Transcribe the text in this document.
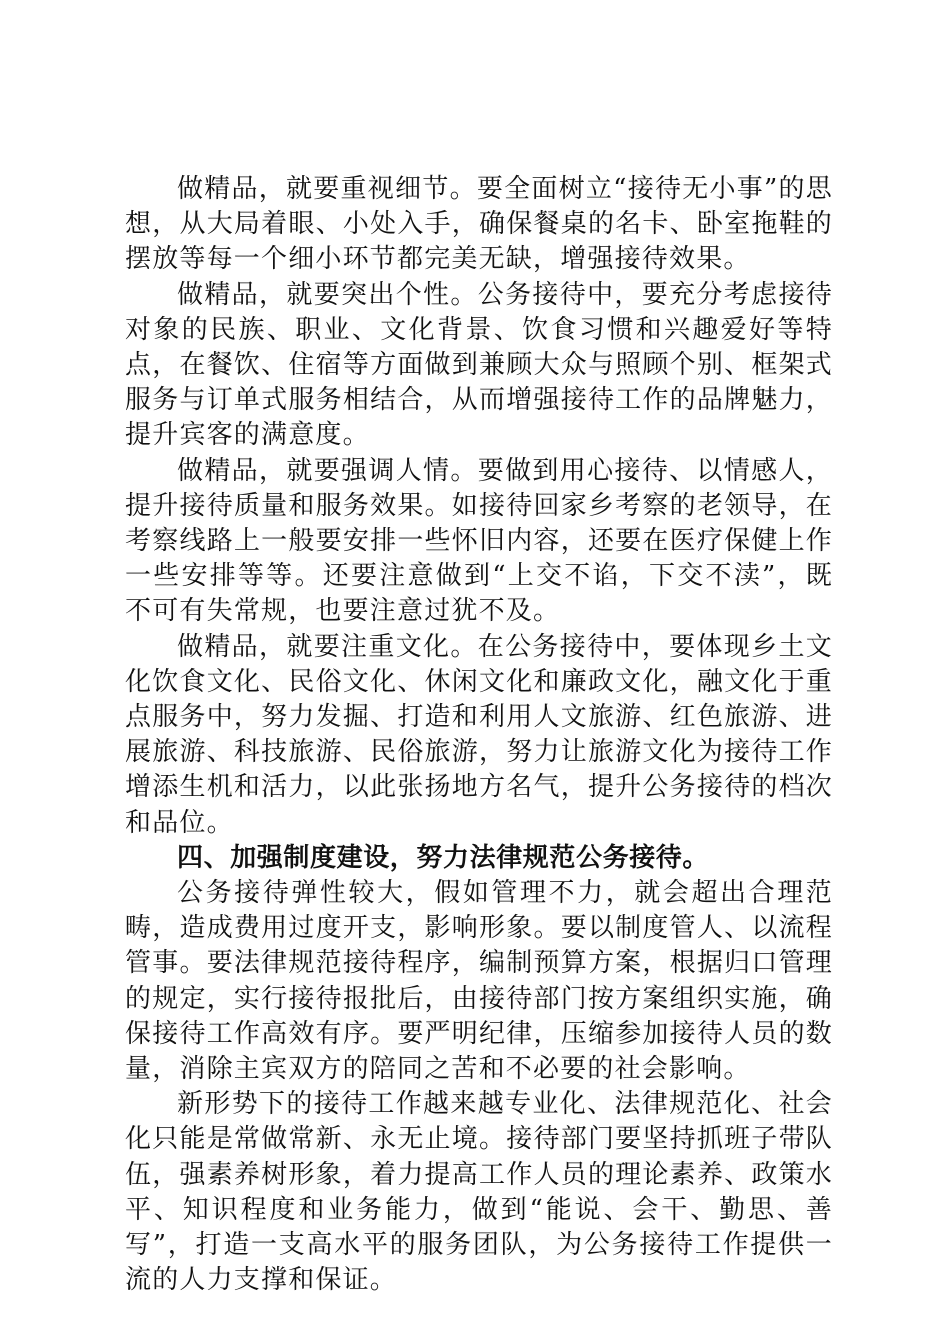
做精品，就要重视细节。要全面树立“接待无小事”的思想，从大局着眼、小处入手，确保餐桌的名卡、卧室拖鞋的摆放等每一个细小环节都完美无缺，增强接待效果。

做精品，就要突出个性。公务接待中，要充分考虑接待对象的民族、职业、文化背景、饮食习惯和兴趣爱好等特点，在餐饮、住宿等方面做到兼顾大众与照顾个别、框架式服务与订单式服务相结合，从而增强接待工作的品牌魅力，提升宾客的满意度。

做精品，就要强调人情。要做到用心接待、以情感人，提升接待质量和服务效果。如接待回家乡考察的老领导，在考察线路上一般要安排一些怀旧内容，还要在医疗保健上作一些安排等等。还要注意做到“上交不谄，下交不渎”，既不可有失常规，也要注意过犹不及。

做精品，就要注重文化。在公务接待中，要体现乡土文化饮食文化、民俗文化、休闲文化和廉政文化，融文化于重点服务中，努力发掘、打造和利用人文旅游、红色旅游、进展旅游、科技旅游、民俗旅游，努力让旅游文化为接待工作增添生机和活力，以此张扬地方名气，提升公务接待的档次和品位。

四、加强制度建设，努力法律规范公务接待。

公务接待弹性较大，假如管理不力，就会超出合理范畴，造成费用过度开支，影响形象。要以制度管人、以流程管事。要法律规范接待程序，编制预算方案，根据归口管理的规定，实行接待报批后，由接待部门按方案组织实施，确保接待工作高效有序。要严明纪律，压缩参加接待人员的数量，消除主宾双方的陪同之苦和不必要的社会影响。

新形势下的接待工作越来越专业化、法律规范化、社会化只能是常做常新、永无止境。接待部门要坚持抓班子带队伍，强素养树形象，着力提高工作人员的理论素养、政策水平、知识程度和业务能力，做到“能说、会干、勤思、善写”，打造一支高水平的服务团队，为公务接待工作提供一流的人力支撑和保证。
